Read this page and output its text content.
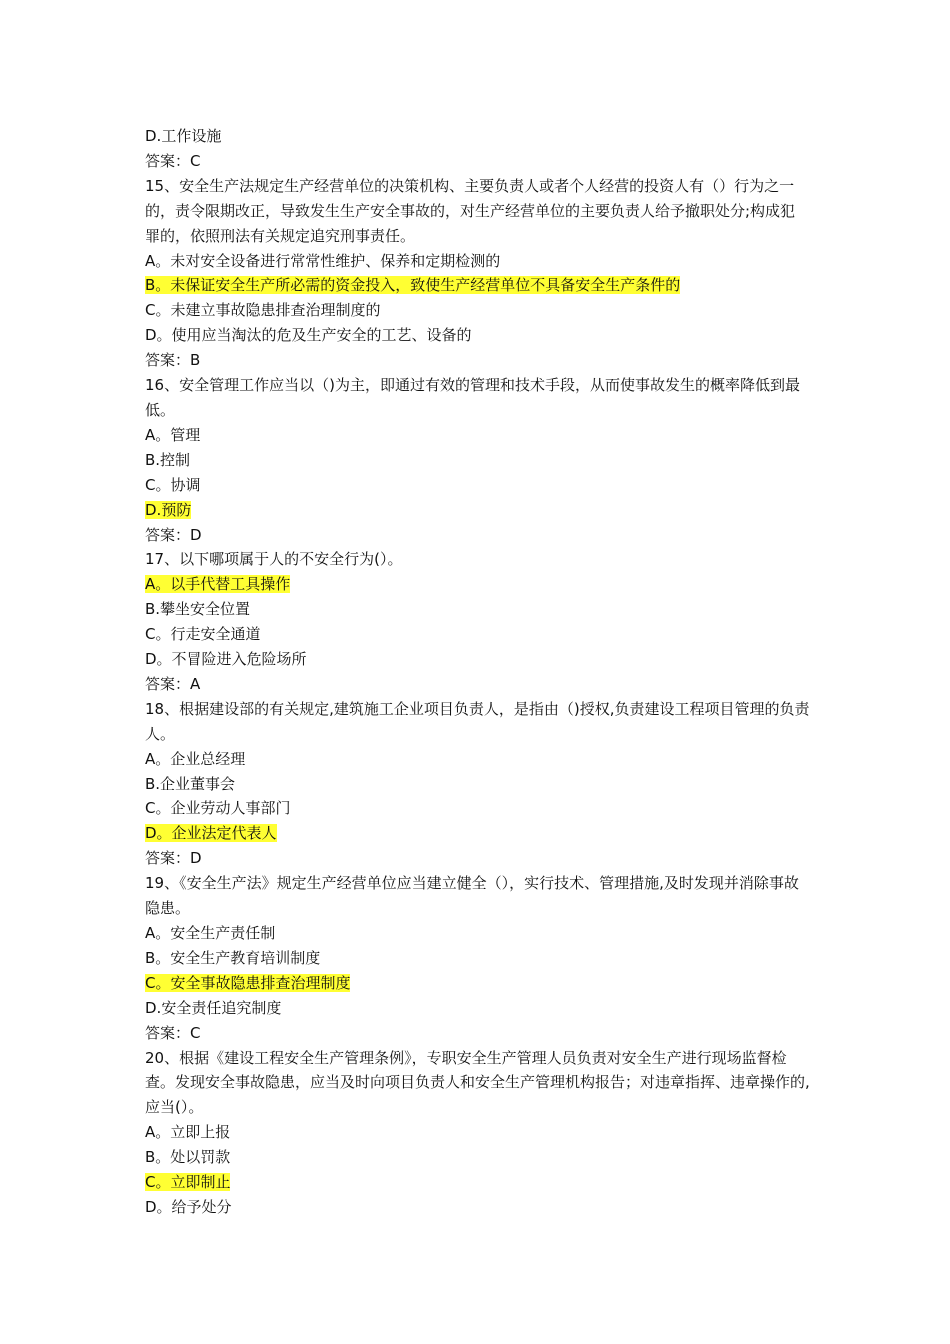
D.工作设施
答案：C
15、安全生产法规定生产经营单位的决策机构、主要负责人或者个人经营的投资人有（）行为之一的，责令限期改正，导致发生生产安全事故的，对生产经营单位的主要负责人给予撤职处分;构成犯罪的，依照刑法有关规定追究刑事责任。
A。未对安全设备进行常常性维护、保养和定期检测的
B。未保证安全生产所必需的资金投入，致使生产经营单位不具备安全生产条件的
C。未建立事故隐患排查治理制度的
D。使用应当淘汰的危及生产安全的工艺、设备的
答案：B
16、安全管理工作应当以（)为主，即通过有效的管理和技术手段，从而使事故发生的概率降低到最低。
A。管理
B.控制
C。协调
D.预防
答案：D
17、以下哪项属于人的不安全行为(）。
A。以手代替工具操作
B.攀坐安全位置
C。行走安全通道
D。不冒险进入危险场所
答案：A
18、根据建设部的有关规定,建筑施工企业项目负责人，是指由（)授权,负责建设工程项目管理的负责人。
A。企业总经理
B.企业董事会
C。企业劳动人事部门
D。企业法定代表人
答案：D
19、《安全生产法》规定生产经营单位应当建立健全（），实行技术、管理措施,及时发现并消除事故隐患。
A。安全生产责任制
B。安全生产教育培训制度
C。安全事故隐患排查治理制度
D.安全责任追究制度
答案：C
20、根据《建设工程安全生产管理条例》，专职安全生产管理人员负责对安全生产进行现场监督检查。发现安全事故隐患，应当及时向项目负责人和安全生产管理机构报告；对违章指挥、违章操作的,应当(）。
A。立即上报
B。处以罚款
C。立即制止
D。给予处分
